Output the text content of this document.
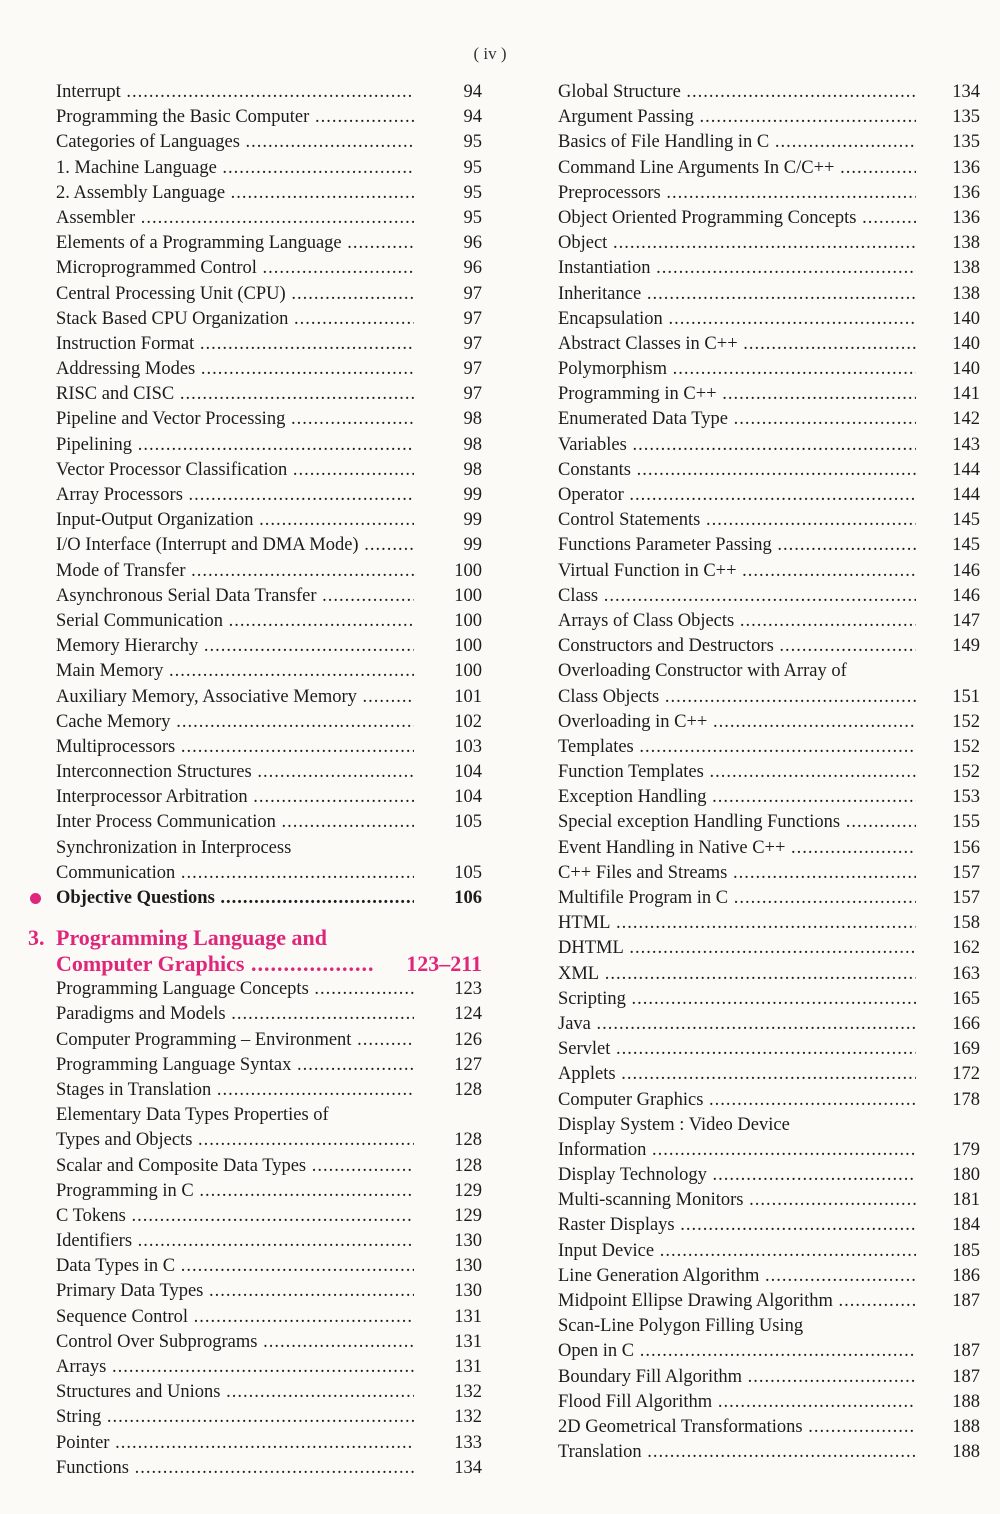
( iv )
Interrupt .....	94
Programming the Basic Computer .....	94
Categories of Languages .....	95
1. Machine Language .....	95
2. Assembly Language .....	95
Assembler .....	95
Elements of a Programming Language .....	96
Microprogrammed Control .....	96
Central Processing Unit (CPU) .....	97
Stack Based CPU Organization .....	97
Instruction Format .....	97
Addressing Modes .....	97
RISC and CISC .....	97
Pipeline and Vector Processing .....	98
Pipelining .....	98
Vector Processor Classification .....	98
Array Processors .....	99
Input-Output Organization .....	99
I/O Interface (Interrupt and DMA Mode) .....	99
Mode of Transfer .....	100
Asynchronous Serial Data Transfer .....	100
Serial Communication .....	100
Memory Hierarchy .....	100
Main Memory .....	100
Auxiliary Memory, Associative Memory .....	101
Cache Memory .....	102
Multiprocessors .....	103
Interconnection Structures .....	104
Interprocessor Arbitration .....	104
Inter Process Communication .....	105
Synchronization in Interprocess
Communication .....	105
Objective Questions .....	106
3. Programming Language and
Computer Graphics .....	123–211
Programming Language Concepts .....	123
Paradigms and Models .....	124
Computer Programming – Environment .....	126
Programming Language Syntax .....	127
Stages in Translation .....	128
Elementary Data Types Properties of
Types and Objects .....	128
Scalar and Composite Data Types .....	128
Programming in C .....	129
C Tokens .....	129
Identifiers .....	130
Data Types in C .....	130
Primary Data Types .....	130
Sequence Control .....	131
Control Over Subprograms .....	131
Arrays .....	131
Structures and Unions .....	132
String .....	132
Pointer .....	133
Functions .....	134
Global Structure .....	134
Argument Passing .....	135
Basics of File Handling in C .....	135
Command Line Arguments In C/C++ .....	136
Preprocessors .....	136
Object Oriented Programming Concepts .....	136
Object .....	138
Instantiation .....	138
Inheritance .....	138
Encapsulation .....	140
Abstract Classes in C++ .....	140
Polymorphism .....	140
Programming in C++ .....	141
Enumerated Data Type .....	142
Variables .....	143
Constants .....	144
Operator .....	144
Control Statements .....	145
Functions Parameter Passing .....	145
Virtual Function in C++ .....	146
Class .....	146
Arrays of Class Objects .....	147
Constructors and Destructors .....	149
Overloading Constructor with Array of
Class Objects .....	151
Overloading in C++ .....	152
Templates .....	152
Function Templates .....	152
Exception Handling .....	153
Special exception Handling Functions .....	155
Event Handling in Native C++ .....	156
C++ Files and Streams .....	157
Multifile Program in C .....	157
HTML .....	158
DHTML .....	162
XML .....	163
Scripting .....	165
Java .....	166
Servlet .....	169
Applets .....	172
Computer Graphics .....	178
Display System : Video Device
Information .....	179
Display Technology .....	180
Multi-scanning Monitors .....	181
Raster Displays .....	184
Input Device .....	185
Line Generation Algorithm .....	186
Midpoint Ellipse Drawing Algorithm .....	187
Scan-Line Polygon Filling Using
Open in C .....	187
Boundary Fill Algorithm .....	187
Flood Fill Algorithm .....	188
2D Geometrical Transformations .....	188
Translation .....	188
